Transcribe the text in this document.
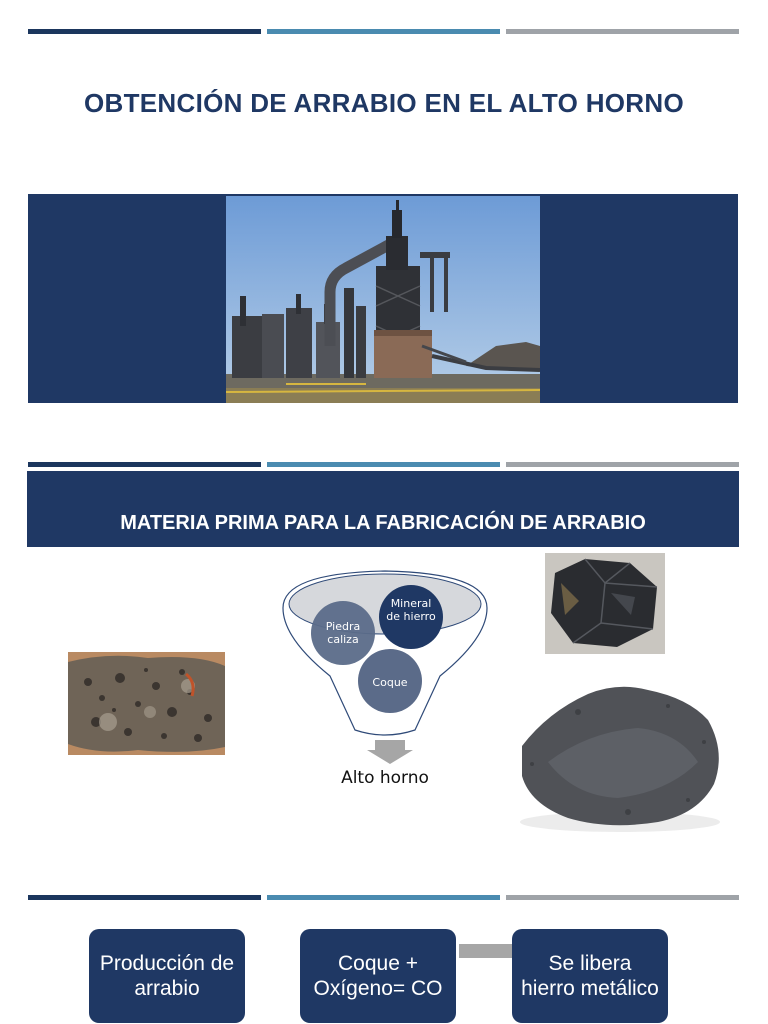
OBTENCIÓN DE ARRABIO EN EL ALTO HORNO
MATERIA PRIMA PARA LA FABRICACIÓN DE ARRABIO
Piedra caliza
Mineral de hierro
Coque
Alto horno
Producción de arrabio
Coque + Oxígeno= CO
Se libera hierro metálico
